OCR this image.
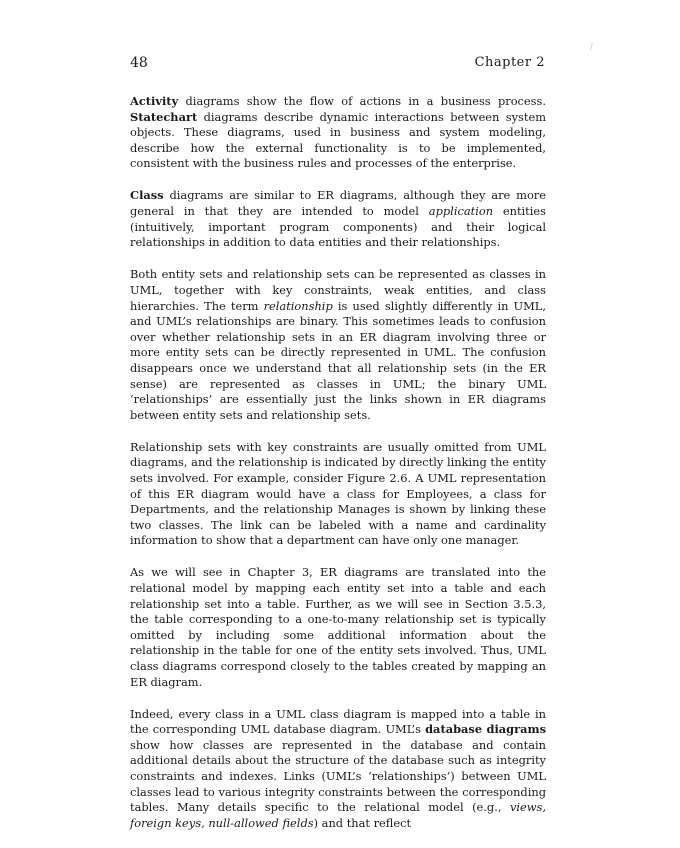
48	Chapter 2
/

Activity diagrams show the flow of actions in a business process. Statechart diagrams describe dynamic interactions between system objects. These diagrams, used in business and system modeling, describe how the external functionality is to be implemented, consistent with the business rules and processes of the enterprise.

Class diagrams are similar to ER diagrams, although they are more general in that they are intended to model application entities (intuitively, important program components) and their logical relationships in addition to data entities and their relationships.

Both entity sets and relationship sets can be represented as classes in UML, together with key constraints, weak entities, and class hierarchies. The term relationship is used slightly differently in UML, and UML’s relationships are binary. This sometimes leads to confusion over whether relationship sets in an ER diagram involving three or more entity sets can be directly represented in UML. The confusion disappears once we understand that all relationship sets (in the ER sense) are represented as classes in UML; the binary UML ‘relationships’ are essentially just the links shown in ER diagrams between entity sets and relationship sets.

Relationship sets with key constraints are usually omitted from UML diagrams, and the relationship is indicated by directly linking the entity sets involved. For example, consider Figure 2.6. A UML representation of this ER diagram would have a class for Employees, a class for Departments, and the relationship Manages is shown by linking these two classes. The link can be labeled with a name and cardinality information to show that a department can have only one manager.

As we will see in Chapter 3, ER diagrams are translated into the relational model by mapping each entity set into a table and each relationship set into a table. Further, as we will see in Section 3.5.3, the table corresponding to a one-to-many relationship set is typically omitted by including some additional information about the relationship in the table for one of the entity sets involved. Thus, UML class diagrams correspond closely to the tables created by mapping an ER diagram.

Indeed, every class in a UML class diagram is mapped into a table in the corresponding UML database diagram. UML’s database diagrams show how classes are represented in the database and contain additional details about the structure of the database such as integrity constraints and indexes. Links (UML’s ‘relationships’) between UML classes lead to various integrity constraints between the corresponding tables. Many details specific to the relational model (e.g., views, foreign keys, null-allowed fields) and that reflect
